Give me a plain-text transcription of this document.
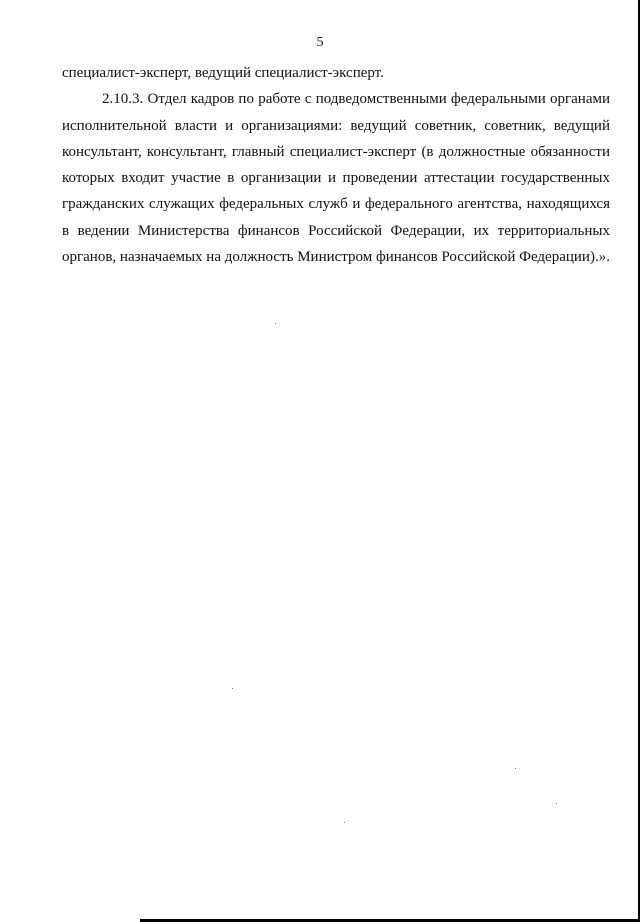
5

специалист-эксперт, ведущий специалист-эксперт.

2.10.3. Отдел кадров по работе с подведомственными федеральными органами исполнительной власти и организациями: ведущий советник, советник, ведущий консультант, консультант, главный специалист-эксперт (в должностные обязанности которых входит участие в организации и проведении аттестации государственных гражданских служащих федеральных служб и федерального агентства, находящихся в ведении Министерства финансов Российской Федерации, их территориальных органов, назначаемых на должность Министром финансов Российской Федерации).».
